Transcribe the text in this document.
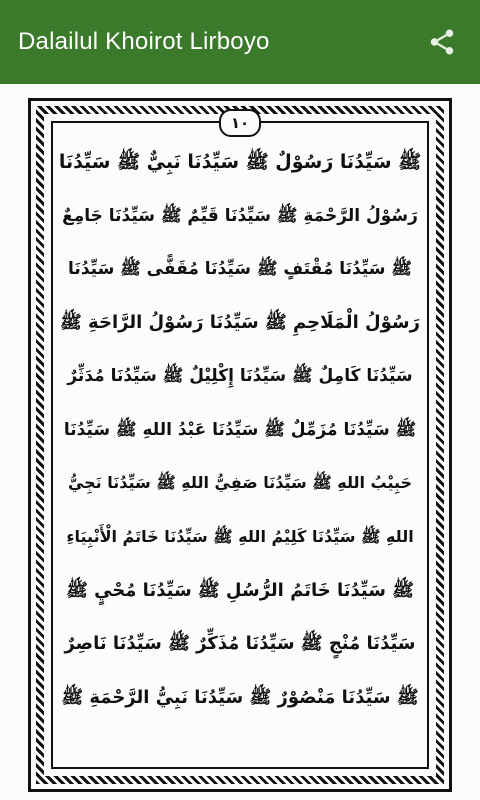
Dalailul Khoirot Lirboyo
١٠
ﷺ سَيِّدُنَا رَسُوْلٌ ﷺ سَيِّدُنَا نَبِيٌّ ﷺ سَيِّدُنَا
رَسُوْلُ الرَّحْمَةِ ﷺ سَيِّدُنَا قَيِّمٌ ﷺ سَيِّدُنَا جَامِعٌ
ﷺ سَيِّدُنَا مُقْتَفٍ ﷺ سَيِّدُنَا مُقَفًّى ﷺ سَيِّدُنَا
رَسُوْلُ الْمَلَاحِمِ ﷺ سَيِّدُنَا رَسُوْلُ الرَّاحَةِ ﷺ
سَيِّدُنَا كَامِلٌ ﷺ سَيِّدُنَا إِكْلِيْلٌ ﷺ سَيِّدُنَا مُدَثِّرٌ
ﷺ سَيِّدُنَا مُزَمِّلٌ ﷺ سَيِّدُنَا عَبْدُ اللهِ ﷺ سَيِّدُنَا
حَبِيْبُ اللهِ ﷺ سَيِّدُنَا صَفِيُّ اللهِ ﷺ سَيِّدُنَا نَجِيُّ
اللهِ ﷺ سَيِّدُنَا كَلِيْمُ اللهِ ﷺ سَيِّدُنَا خَاتَمُ الْأَنْبِيَاءِ
ﷺ سَيِّدُنَا خَاتَمُ الرُّسُلِ ﷺ سَيِّدُنَا مُحْيٍ ﷺ
سَيِّدُنَا مُنْجٍ ﷺ سَيِّدُنَا مُذَكِّرٌ ﷺ سَيِّدُنَا نَاصِرٌ
ﷺ سَيِّدُنَا مَنْصُوْرٌ ﷺ سَيِّدُنَا نَبِيُّ الرَّحْمَةِ ﷺ
